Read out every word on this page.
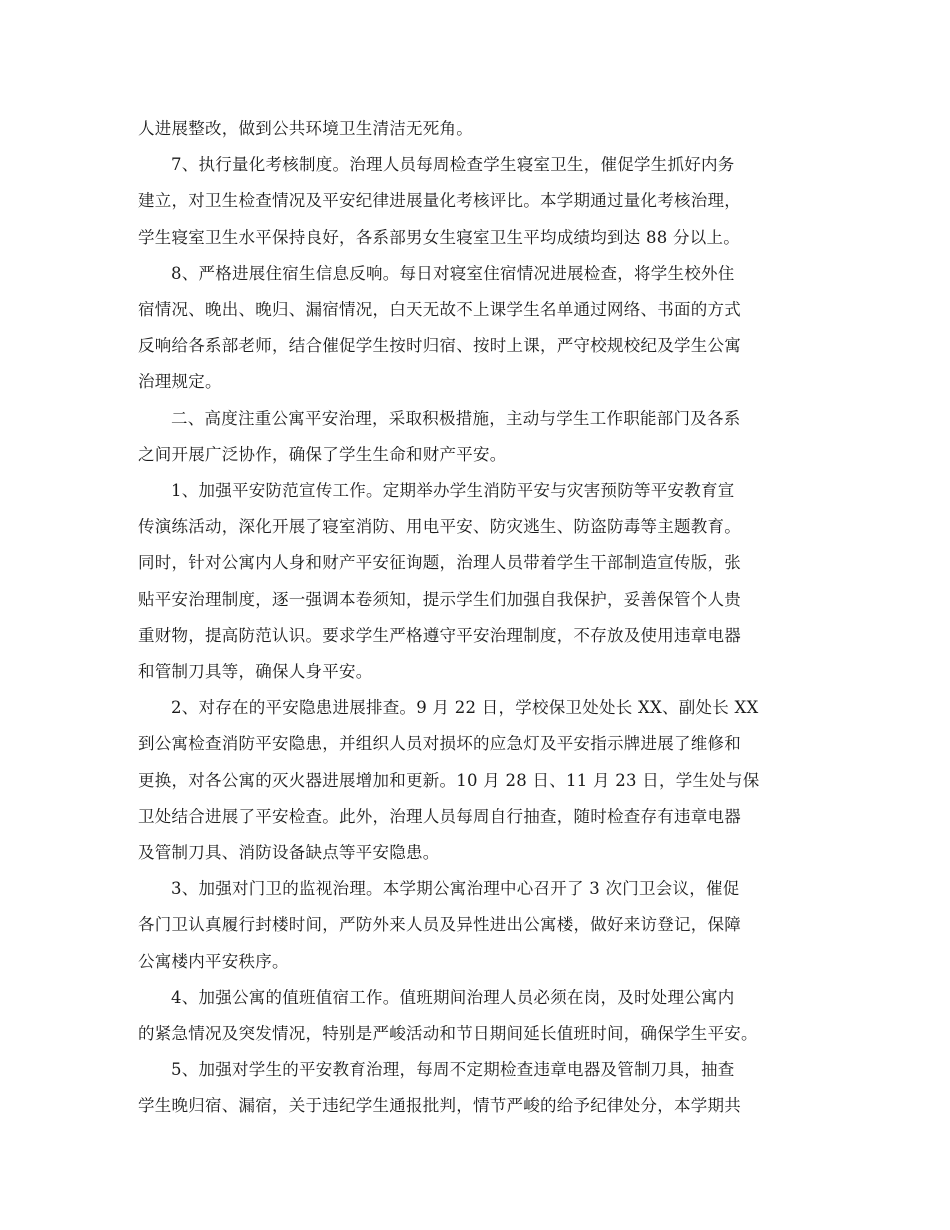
人进展整改，做到公共环境卫生清洁无死角。
7、执行量化考核制度。治理人员每周检查学生寝室卫生，催促学生抓好内务
建立，对卫生检查情况及平安纪律进展量化考核评比。本学期通过量化考核治理，
学生寝室卫生水平保持良好，各系部男女生寝室卫生平均成绩均到达 88 分以上。
8、严格进展住宿生信息反响。每日对寝室住宿情况进展检查，将学生校外住
宿情况、晚出、晚归、漏宿情况，白天无故不上课学生名单通过网络、书面的方式
反响给各系部老师，结合催促学生按时归宿、按时上课，严守校规校纪及学生公寓
治理规定。
二、高度注重公寓平安治理，采取积极措施，主动与学生工作职能部门及各系
之间开展广泛协作，确保了学生生命和财产平安。
1、加强平安防范宣传工作。定期举办学生消防平安与灾害预防等平安教育宣
传演练活动，深化开展了寝室消防、用电平安、防灾逃生、防盗防毒等主题教育。
同时，针对公寓内人身和财产平安征询题，治理人员带着学生干部制造宣传版，张
贴平安治理制度，逐一强调本卷须知，提示学生们加强自我保护，妥善保管个人贵
重财物，提高防范认识。要求学生严格遵守平安治理制度，不存放及使用违章电器
和管制刀具等，确保人身平安。
2、对存在的平安隐患进展排查。9 月 22 日，学校保卫处处长 XX、副处长 XX
到公寓检查消防平安隐患，并组织人员对损坏的应急灯及平安指示牌进展了维修和
更换，对各公寓的灭火器进展增加和更新。10 月 28 日、11 月 23 日，学生处与保
卫处结合进展了平安检查。此外，治理人员每周自行抽查，随时检查存有违章电器
及管制刀具、消防设备缺点等平安隐患。
3、加强对门卫的监视治理。本学期公寓治理中心召开了 3 次门卫会议，催促
各门卫认真履行封楼时间，严防外来人员及异性进出公寓楼，做好来访登记，保障
公寓楼内平安秩序。
4、加强公寓的值班值宿工作。值班期间治理人员必须在岗，及时处理公寓内
的紧急情况及突发情况，特别是严峻活动和节日期间延长值班时间，确保学生平安。
5、加强对学生的平安教育治理，每周不定期检查违章电器及管制刀具，抽查
学生晚归宿、漏宿，关于违纪学生通报批判，情节严峻的给予纪律处分，本学期共
